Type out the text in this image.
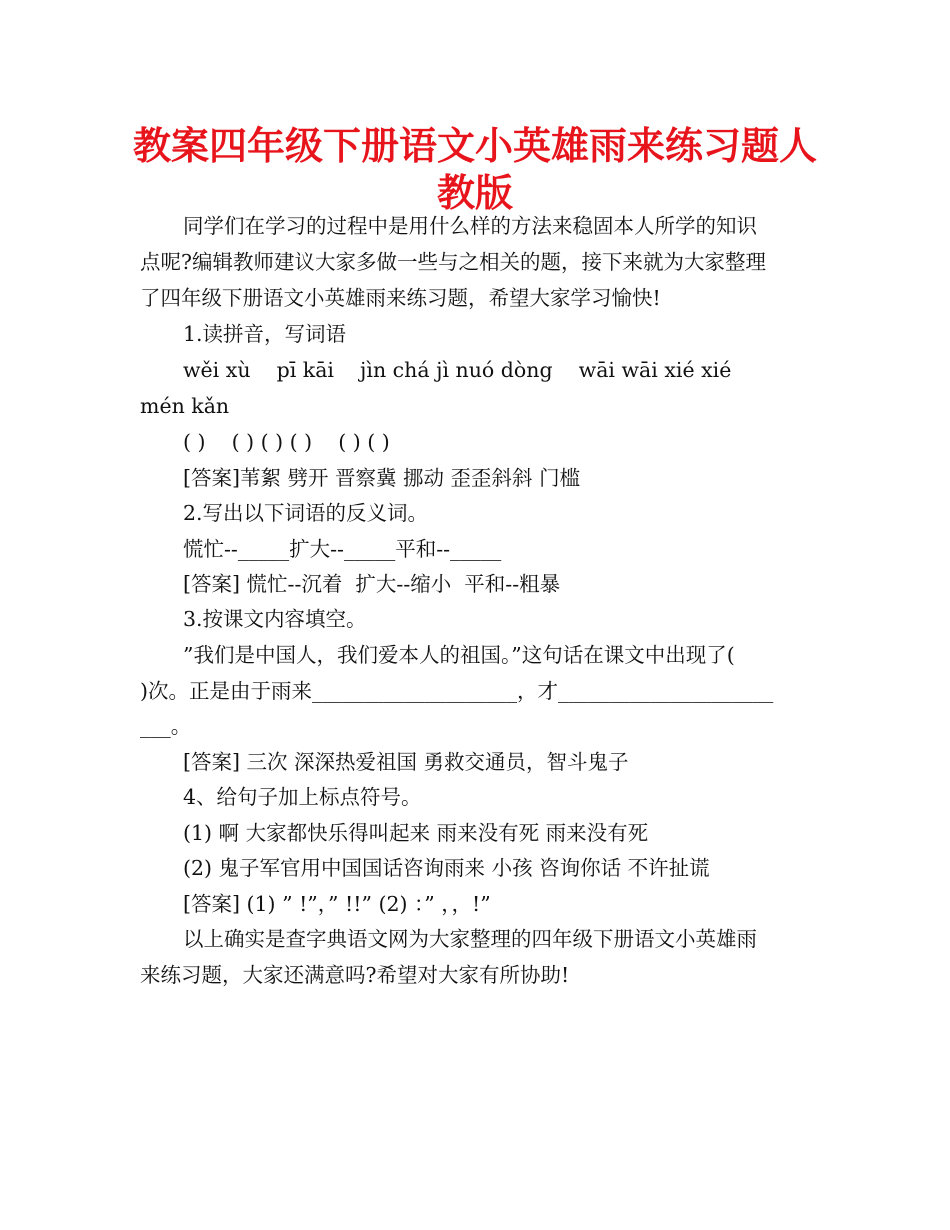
教案四年级下册语文小英雄雨来练习题人
教版

同学们在学习的过程中是用什么样的方法来稳固本人所学的知识

点呢?编辑教师建议大家多做一些与之相关的题，接下来就为大家整理

了四年级下册语文小英雄雨来练习题，希望大家学习愉快!

1.读拼音，写词语

wěi xù    pī kāi    jìn chá jì nuó dòng    wāi wāi xié xié

mén kǎn

( )    ( ) ( ) ( )    ( ) ( )

[答案]苇絮 劈开 晋察冀 挪动 歪歪斜斜 门槛

2.写出以下词语的反义词。

慌忙--_____扩大--_____平和--_____

[答案] 慌忙--沉着  扩大--缩小  平和--粗暴

3.按课文内容填空。

”我们是中国人，我们爱本人的祖国。”这句话在课文中出现了(

)次。正是由于雨来____________________，才_____________________

___。

[答案] 三次 深深热爱祖国 勇救交通员，智斗鬼子

4、给句子加上标点符号。

(1) 啊 大家都快乐得叫起来 雨来没有死 雨来没有死

(2) 鬼子军官用中国国话咨询雨来 小孩 咨询你话 不许扯谎

[答案] (1) ” !”，” !!” (2) ：” ，，!”

以上确实是查字典语文网为大家整理的四年级下册语文小英雄雨

来练习题，大家还满意吗?希望对大家有所协助!
